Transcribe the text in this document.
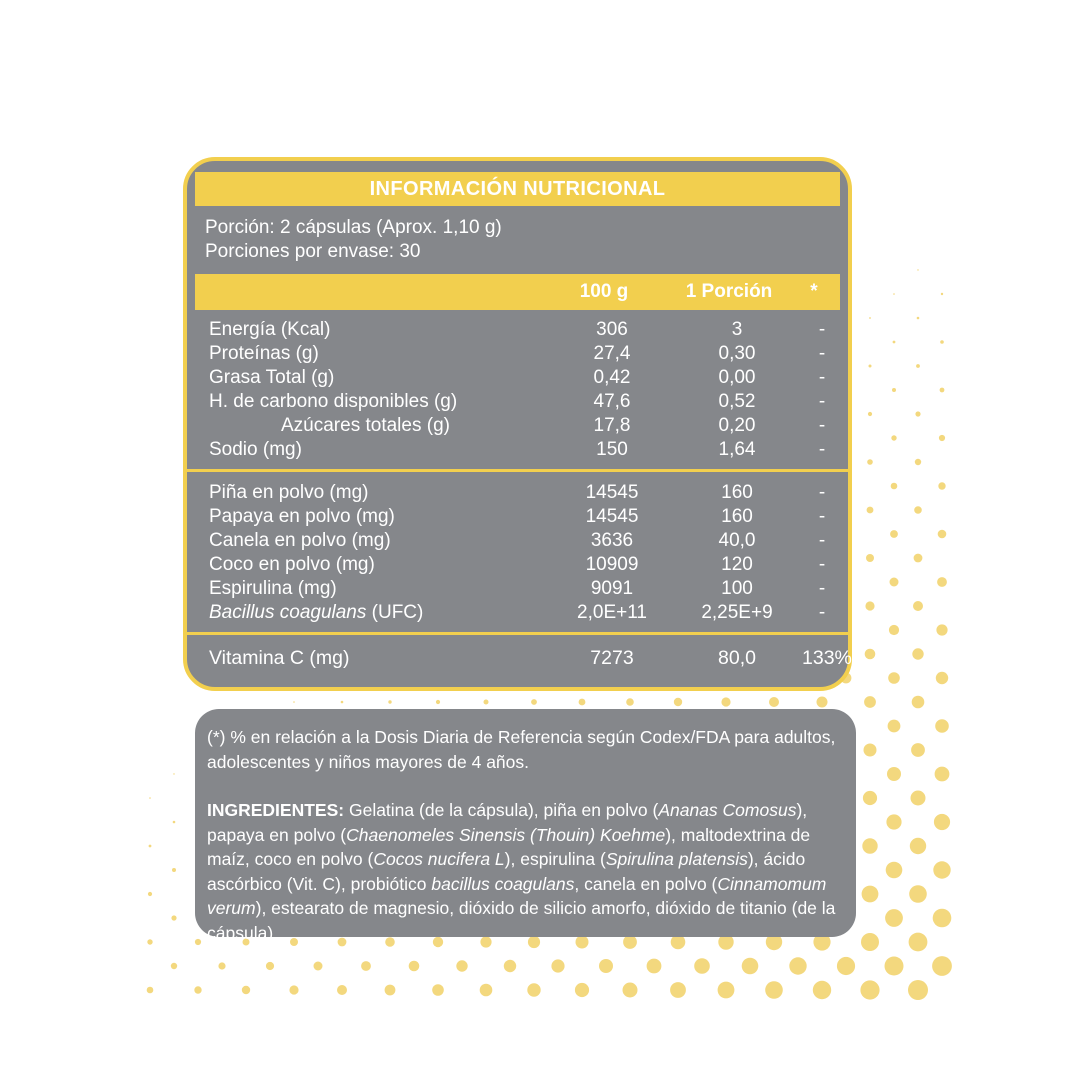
INFORMACIÓN NUTRICIONAL
Porción: 2 cápsulas (Aprox. 1,10 g)
Porciones por envase: 30
100 g	1 Porción	*
Energía (Kcal)	306	3	-
Proteínas (g)	27,4	0,30	-
Grasa Total (g)	0,42	0,00	-
H. de carbono disponibles (g)	47,6	0,52	-
Azúcares totales (g)	17,8	0,20	-
Sodio (mg)	150	1,64	-
Piña en polvo (mg)	14545	160	-
Papaya en polvo (mg)	14545	160	-
Canela en polvo (mg)	3636	40,0	-
Coco en polvo (mg)	10909	120	-
Espirulina (mg)	9091	100	-
Bacillus coagulans (UFC)	2,0E+11	2,25E+9	-
Vitamina C (mg)	7273	80,0	133%

(*) % en relación a la Dosis Diaria de Referencia según Codex/FDA para adultos, adolescentes y niños mayores de 4 años.

INGREDIENTES: Gelatina (de la cápsula), piña en polvo (Ananas Comosus), papaya en polvo (Chaenomeles Sinensis (Thouin) Koehme), maltodextrina de maíz, coco en polvo (Cocos nucifera L), espirulina (Spirulina platensis), ácido ascórbico (Vit. C), probiótico bacillus coagulans, canela en polvo (Cinnamomum verum), estearato de magnesio, dióxido de silicio amorfo, dióxido de titanio (de la cápsula).
